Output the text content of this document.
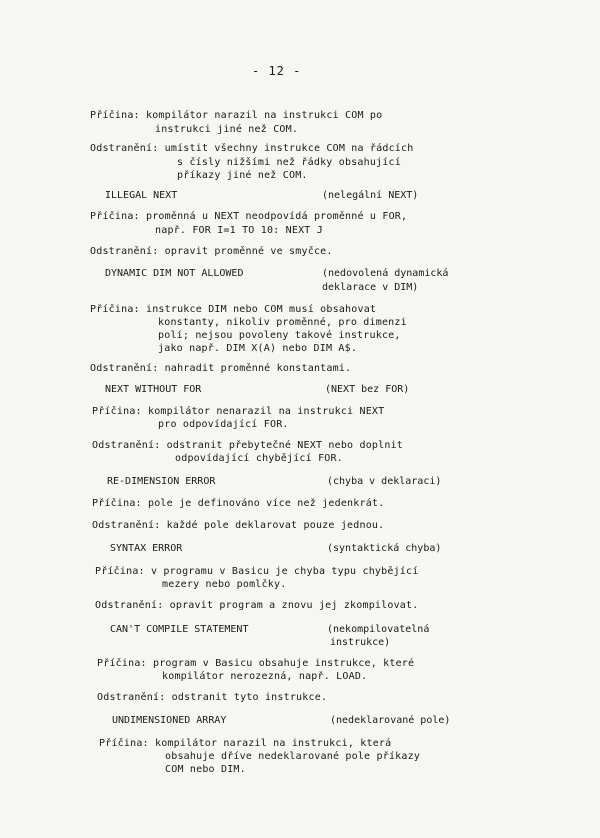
- 12 -
Příčina: kompilátor narazil na instrukci COM po
instrukci jiné než COM.
Odstranění: umístit všechny instrukce COM na řádcích
s čísly nižšími než řádky obsahující
příkazy jiné než COM.
ILLEGAL NEXT	(nelegální NEXT)
Příčina: proměnná u NEXT neodpovídá proměnné u FOR,
např. FOR I=1 TO 10: NEXT J
Odstranění: opravit proměnné ve smyčce.
DYNAMIC DIM NOT ALLOWED	(nedovolená dynamická
deklarace v DIM)
Příčina: instrukce DIM nebo COM musí obsahovat
konstanty, nikoliv proměnné, pro dimenzi
polí; nejsou povoleny takové instrukce,
jako např. DIM X(A) nebo DIM A$.
Odstranění: nahradit proměnné konstantami.
NEXT WITHOUT FOR	(NEXT bez FOR)
Příčina: kompilátor nenarazil na instrukci NEXT
pro odpovídající FOR.
Odstranění: odstranit přebytečné NEXT nebo doplnit
odpovídající chybějící FOR.
RE-DIMENSION ERROR	(chyba v deklaraci)
Příčina: pole je definováno více než jedenkrát.
Odstranění: každé pole deklarovat pouze jednou.
SYNTAX ERROR	(syntaktická chyba)
Příčina: v programu v Basicu je chyba typu chybějící
mezery nebo pomlčky.
Odstranění: opravit program a znovu jej zkompilovat.
CAN'T COMPILE STATEMENT	(nekompilovatelná
instrukce)
Příčina: program v Basicu obsahuje instrukce, které
kompilátor nerozezná, např. LOAD.
Odstranění: odstranit tyto instrukce.
UNDIMENSIONED ARRAY	(nedeklarované pole)
Příčina: kompilátor narazil na instrukci, která
obsahuje dříve nedeklarované pole příkazy
COM nebo DIM.
